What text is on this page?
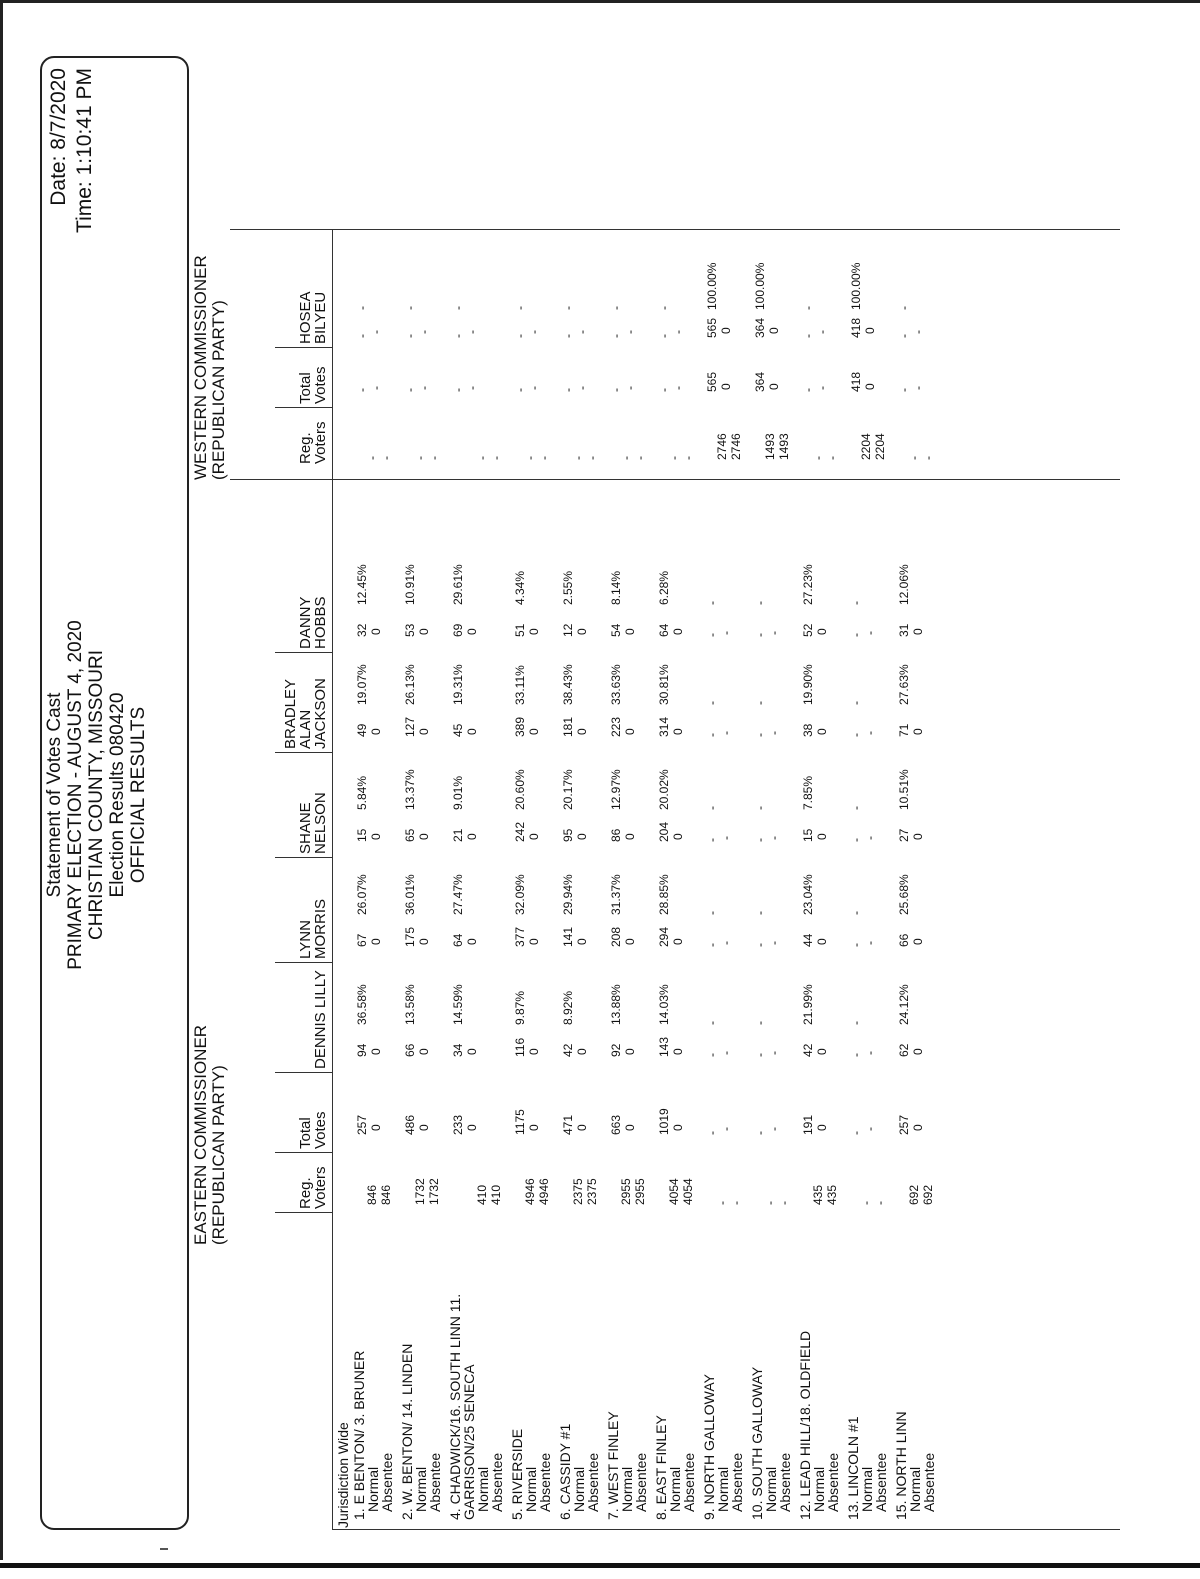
Statement of Votes Cast PRIMARY ELECTION - AUGUST 4, 2020 CHRISTIAN COUNTY, MISSOURI Election Results 080420 OFFICIAL RESULTS
Date: 8/7/2020 Time: 1:10:41 PM
EASTERN COMMISSIONER (REPUBLICAN PARTY)
WESTERN COMMISSIONER (REPUBLICAN PARTY)
Reg.
Voters
Total
Votes
DENNIS LILLY
LYNN
MORRIS
SHANE
NELSON
BRADLEY
ALAN
JACKSON
DANNY
HOBBS
Reg.
Voters
Total
Votes
HOSEA
BILYEU
Jurisdiction Wide 1. E BENTON/ 3. BRUNER
Normal
Absentee
846 846
257 0
94
36.58%
0
67
26.07%
0
15
5.84%
0
49
19.07%
0
32
12.45%
0
- -
- -
-
-
-
2. W. BENTON/ 14. LINDEN
Normal
Absentee
1732 1732
486 0
66
13.58%
0
175
36.01%
0
65
13.37%
0
127
26.13%
0
53
10.91%
0
- -
- -
-
-
-
4. CHADWICK/16. SOUTH LINN 11.
GARRISON/25 SENECA
Normal
Absentee
410 410
233 0
34
14.59%
0
64
27.47%
0
21
9.01%
0
45
19.31%
0
69
29.61%
0
- -
- -
-
-
-
5. RIVERSIDE
Normal
Absentee
4946 4946
1175 0
116
9.87%
0
377
32.09%
0
242
20.60%
0
389
33.11%
0
51
4.34%
0
- -
- -
-
-
-
6. CASSIDY #1
Normal
Absentee
2375 2375
471 0
42
8.92%
0
141
29.94%
0
95
20.17%
0
181
38.43%
0
12
2.55%
0
- -
- -
-
-
-
7. WEST FINLEY
Normal
Absentee
2955 2955
663 0
92
13.88%
0
208
31.37%
0
86
12.97%
0
223
33.63%
0
54
8.14%
0
- -
- -
-
-
-
8. EAST FINLEY
Normal
Absentee
4054 4054
1019 0
143
14.03%
0
294
28.85%
0
204
20.02%
0
314
30.81%
0
64
6.28%
0
- -
- -
-
-
-
9. NORTH GALLOWAY
Normal
Absentee
- -
-
-
-
-
-
-
-
-
-
-
-
-
-
-
-
-
-
2746 2746
565 0
565
100.00%
0
10. SOUTH GALLOWAY
Normal
Absentee
- -
-
-
-
-
-
-
-
-
-
-
-
-
-
-
-
-
-
1493 1493
364 0
364
100.00%
0
12. LEAD HILL/18. OLDFIELD
Normal
Absentee
435 435
191 0
42
21.99%
0
44
23.04%
0
15
7.85%
0
38
19.90%
0
52
27.23%
0
- -
- -
-
-
-
13. LINCOLN #1
Normal
Absentee
- -
-
-
-
-
-
-
-
-
-
-
-
-
-
-
-
-
-
2204 2204
418 0
418
100.00%
0
15. NORTH LINN
Normal
Absentee
692 692
257 0
62
24.12%
0
66
25.68%
0
27
10.51%
0
71
27.63%
0
31
12.06%
0
- -
- -
-
-
-
